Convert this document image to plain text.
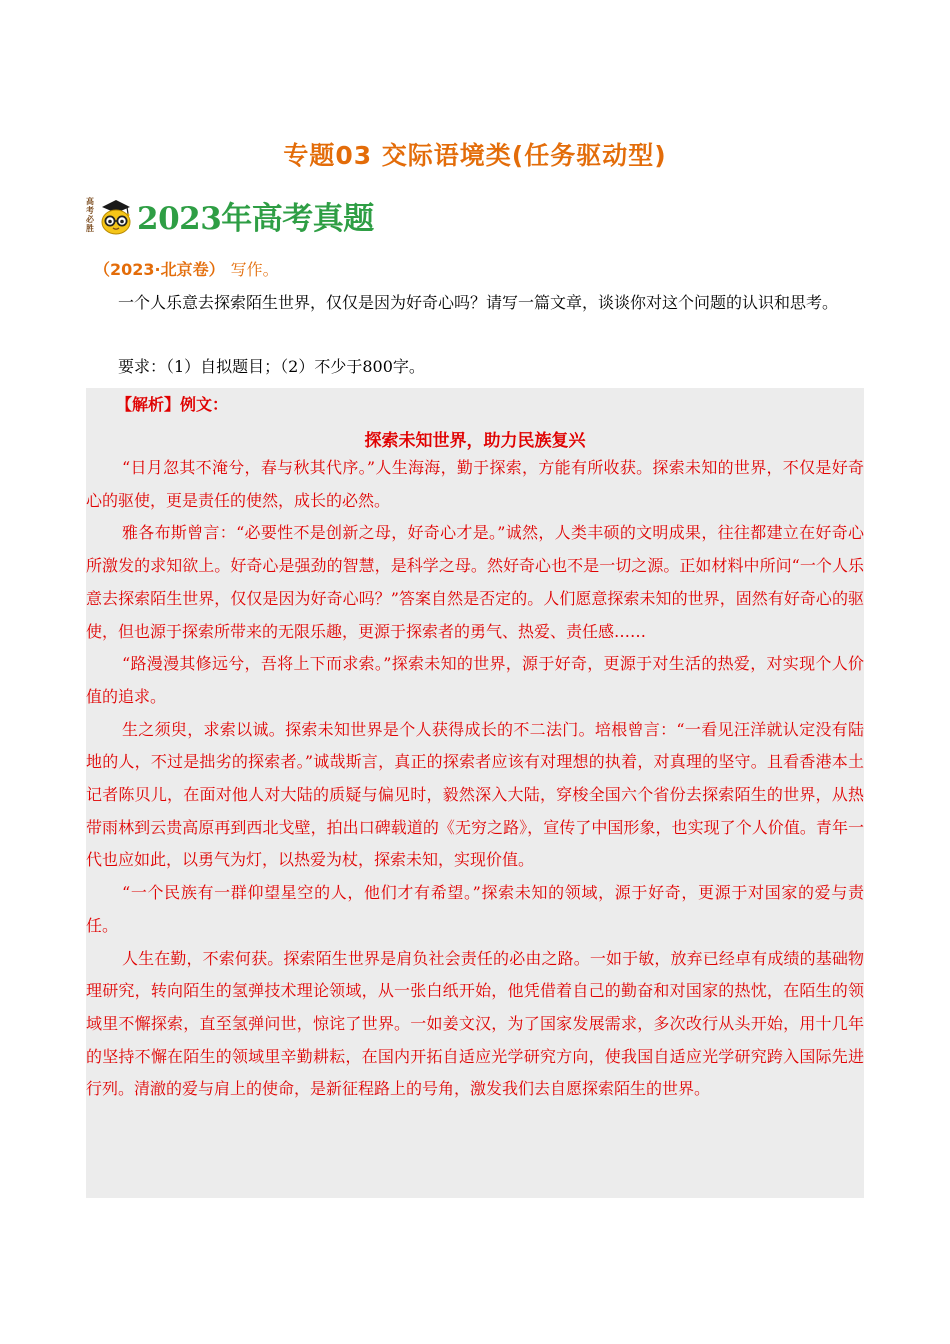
专题03 交际语境类(任务驱动型)
高考必胜 2023年高考真题
（2023·北京卷） 写作。
一个人乐意去探索陌生世界，仅仅是因为好奇心吗？请写一篇文章，谈谈你对这个问题的认识和思考。
要求：（1）自拟题目；（2）不少于800字。
【解析】例文：
探索未知世界，助力民族复兴

“日月忽其不淹兮，春与秋其代序。”人生海海，勤于探索，方能有所收获。探索未知的世界，不仅是好奇心的驱使，更是责任的使然，成长的必然。

雅各布斯曾言：“必要性不是创新之母，好奇心才是。”诚然，人类丰硕的文明成果，往往都建立在好奇心所激发的求知欲上。好奇心是强劲的智慧，是科学之母。然好奇心也不是一切之源。正如材料中所问“一个人乐意去探索陌生世界，仅仅是因为好奇心吗？”答案自然是否定的。人们愿意探索未知的世界，固然有好奇心的驱使，但也源于探索所带来的无限乐趣，更源于探索者的勇气、热爱、责任感……

“路漫漫其修远兮，吾将上下而求索。”探索未知的世界，源于好奇，更源于对生活的热爱，对实现个人价值的追求。

生之须臾，求索以诚。探索未知世界是个人获得成长的不二法门。培根曾言：“一看见汪洋就认定没有陆地的人，不过是拙劣的探索者。”诚哉斯言，真正的探索者应该有对理想的执着，对真理的坚守。且看香港本土记者陈贝儿，在面对他人对大陆的质疑与偏见时，毅然深入大陆，穿梭全国六个省份去探索陌生的世界，从热带雨林到云贵高原再到西北戈壁，拍出口碑载道的《无穷之路》，宣传了中国形象，也实现了个人价值。青年一代也应如此，以勇气为灯，以热爱为杖，探索未知，实现价值。

“一个民族有一群仰望星空的人，他们才有希望。”探索未知的领域，源于好奇，更源于对国家的爱与责任。

人生在勤，不索何获。探索陌生世界是肩负社会责任的必由之路。一如于敏，放弃已经卓有成绩的基础物理研究，转向陌生的氢弹技术理论领域，从一张白纸开始，他凭借着自己的勤奋和对国家的热忱，在陌生的领域里不懈探索，直至氢弹问世，惊诧了世界。一如姜文汉，为了国家发展需求，多次改行从头开始，用十几年的坚持不懈在陌生的领域里辛勤耕耘，在国内开拓自适应光学研究方向，使我国自适应光学研究跨入国际先进行列。清澈的爱与肩上的使命，是新征程路上的号角，激发我们去自愿探索陌生的世界。
